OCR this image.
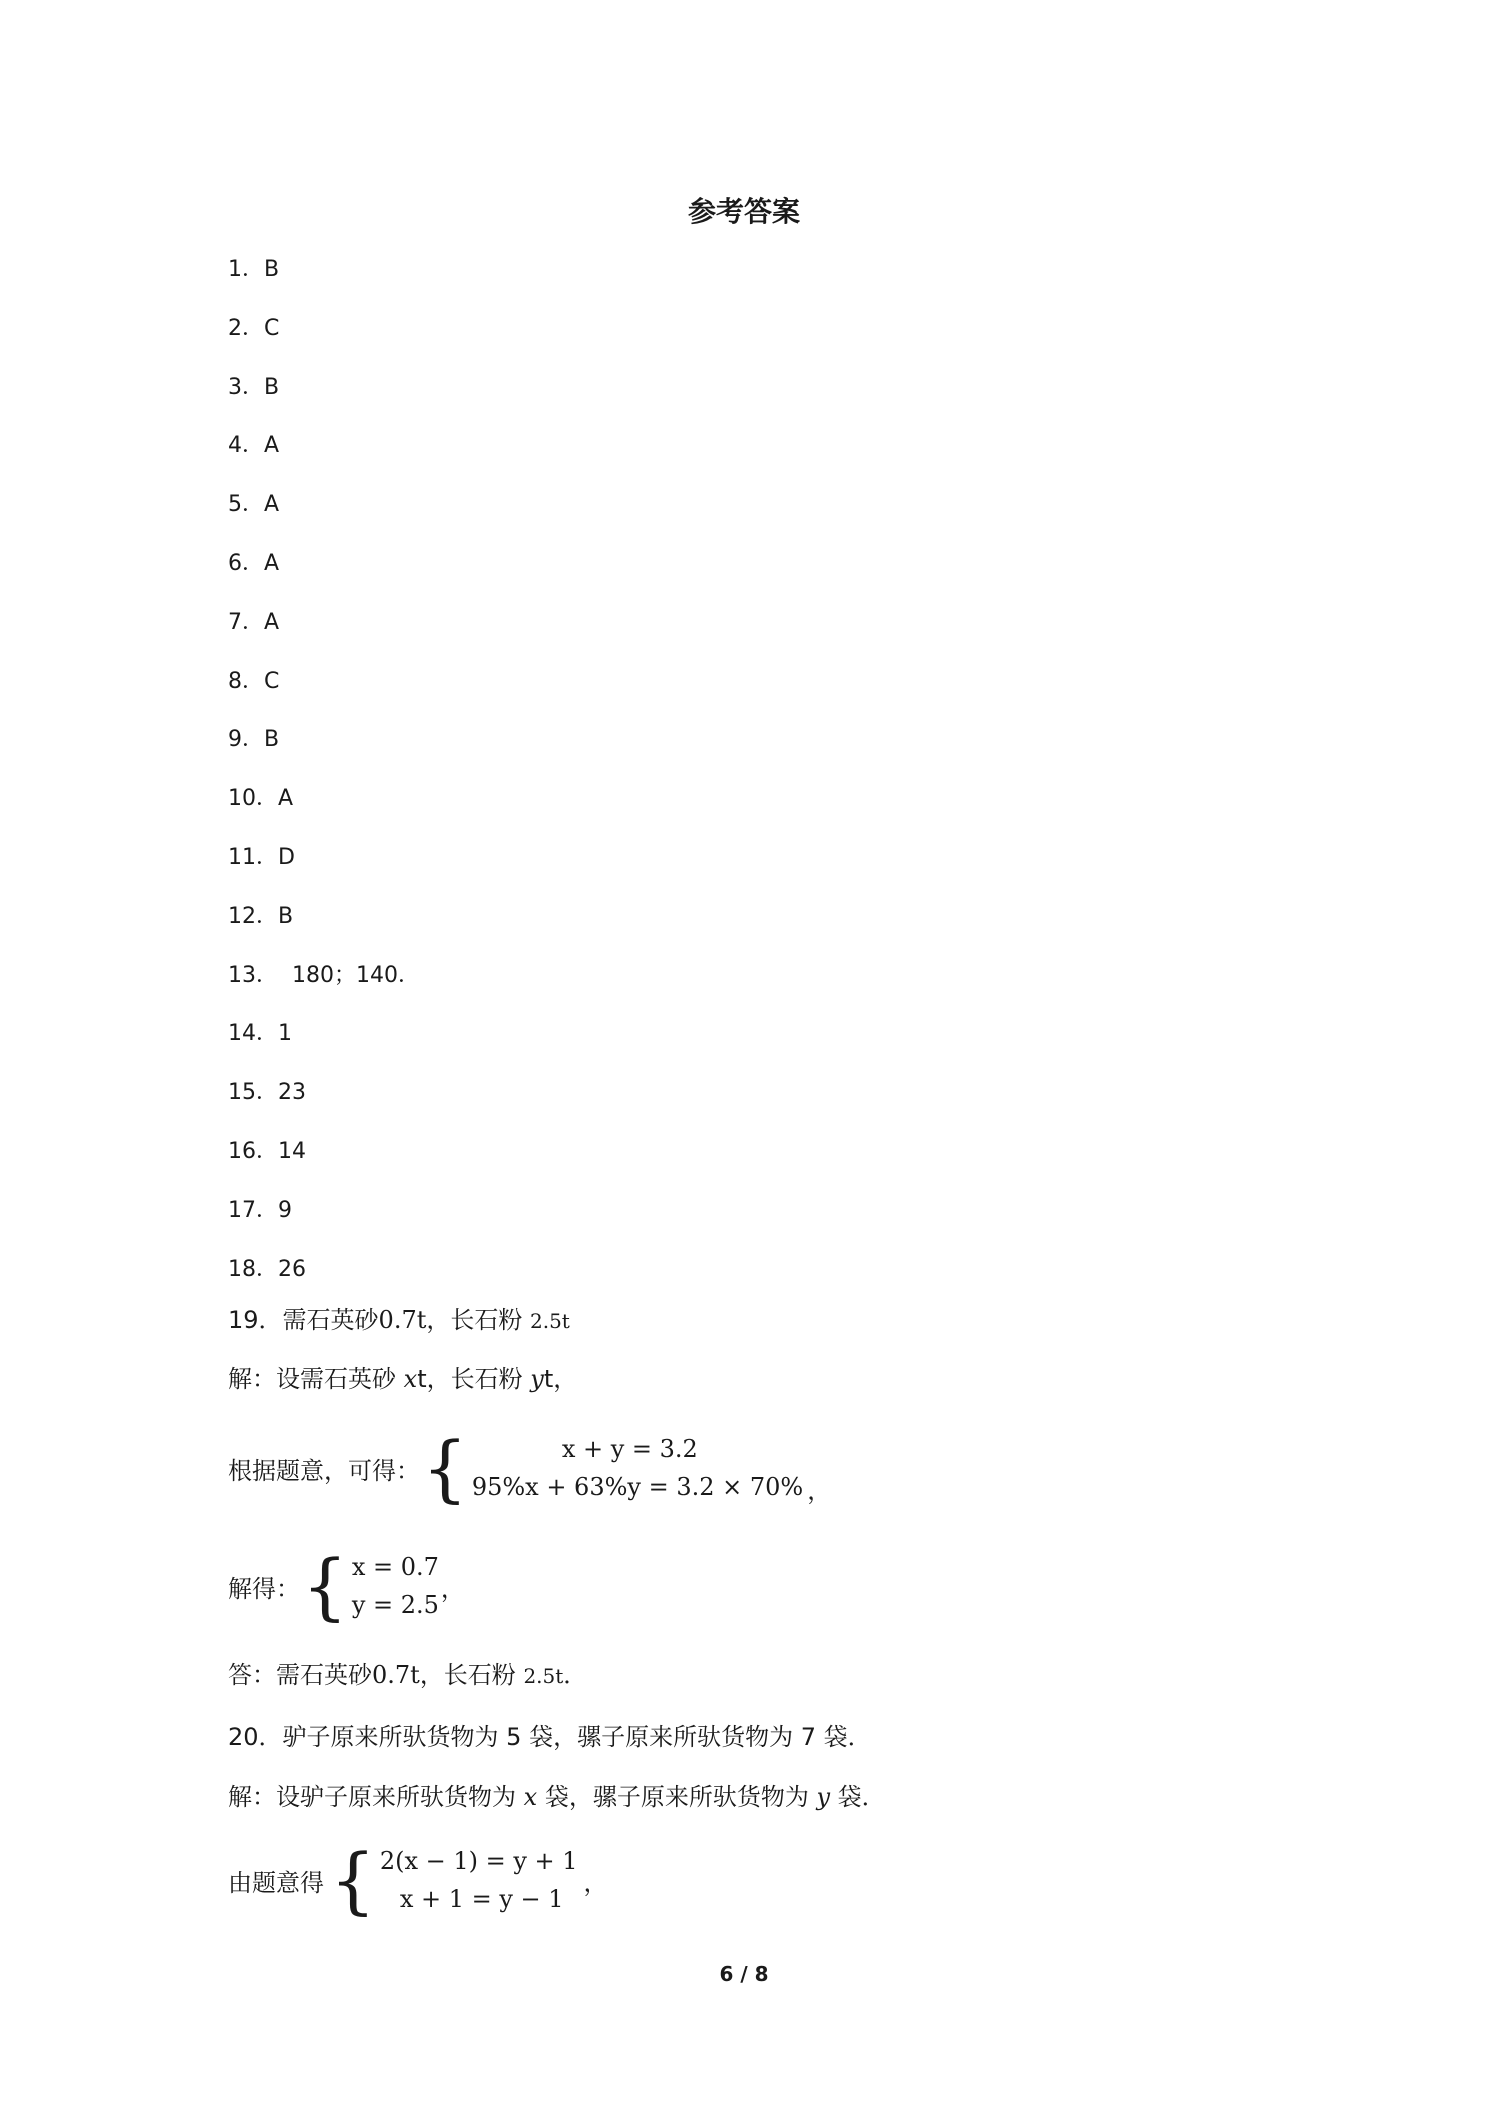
参考答案
1．B
2．C
3．B
4．A
5．A
6．A
7．A
8．C
9．B
10．A
11．D
12．B
13．  180；140．
14．1
15．23
16．14
17．9
18．26
19．需石英砂0.7t，长石粉 2.5t
解：设需石英砂 xt，长石粉 yt，
根据题意，可得： {	x + y = 3.2
95%x + 63%y = 3.2 × 70% ，
解得： { x = 0.7
y = 2.5
，
答：需石英砂0.7t，长石粉 2.5t．
20．驴子原来所驮货物为 5 袋，骡子原来所驮货物为 7 袋．
解：设驴子原来所驮货物为 x 袋，骡子原来所驮货物为 y 袋．
由题意得 { 2(x − 1) = y + 1
x + 1 = y − 1
，
6 / 8
